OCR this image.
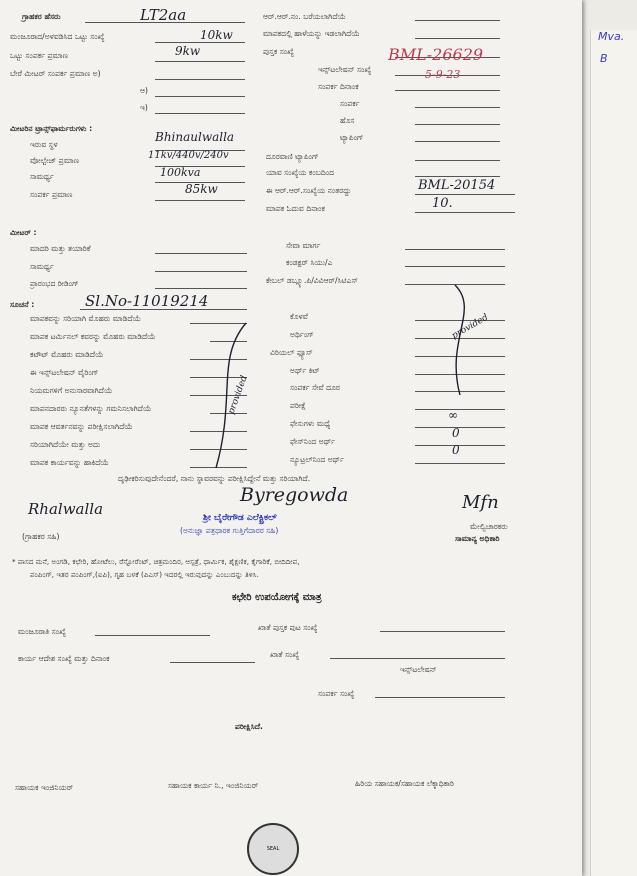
Mva.
B
ಗ್ರಾಹಕರ ಹೆಸರು	LT2aa
ಮಂಜೂರಾದ/ಅಳವಡಿಸಿದ ಒಟ್ಟು ಸಂಖ್ಯೆ	10kw
ಒಟ್ಟು ಸಂಪರ್ಕ ಪ್ರಮಾಣ	9kw
ಬೇರೆ ಮೀಟರ್ ಸಂಪರ್ಕ ಪ್ರಮಾಣ ಅ)
ಆ)
ಇ)
ಮೀಟರಿನ ಟ್ರಾನ್ಸ್‌ಫಾರ್ಮರುಗಳು :
ಇರುವ ಸ್ಥಳ
Bhinaulwalla
ವೋಲ್ಟೇಜ್ ಪ್ರಮಾಣ	11kv/440v/240v
ಸಾಮರ್ಥ್ಯ	100kva
ಸಂಪರ್ಕ ಪ್ರಮಾಣ	85kw
ಆರ್.ಆರ್.ನಂ. ಬರೆಯಲಾಗಿದೆಯೆ
ಮಾಪಕದಲ್ಲಿ ಹಾಳೆಯನ್ನು ಇಡಲಾಗಿದೆಯೆ
ಪುಸ್ತಕ ಸಂಖ್ಯೆ	BML-26629
ಇನ್ಸ್‌ಟಲೇಷನ್ ಸಂಖ್ಯೆ	5-9-23
ಸಂಪರ್ಕ ದಿನಾಂಕ
ಸಂಪರ್ಕ
ಹೊಸ
ಟ್ಯಾಪಿಂಗ್
ದೂರವಾಣಿ ಟ್ಯಾಪಿಂಗ್
ಯಾವ ಸಂಖ್ಯೆಯ ಕಂಬದಿಂದ
ಈ ಆರ್.ಆರ್.ಸಂಖ್ಯೆಯ ನಂತರದ್ದು	BML-20154
ಮಾಪಕ ಓದುವ ದಿನಾಂಕ	10.
ಮೀಟರ್ :
ಮಾದರಿ ಮತ್ತು ತಯಾರಿಕೆ
ಸಾಮರ್ಥ್ಯ
ಪ್ರಾರಂಭದ ರೀಡಿಂಗ್
ಸೇವಾ ಮಾರ್ಗ
ಕಂಡಕ್ಟರ್ ಸಿಯು/ಎ
ಕೇಬಲ್ ಡಬ್ಲ್ಯೂ.ಪಿ/ವಿವಿಆರ್/ಸಿಟಿಎಸ್
ಸೂಚನೆ :	Sl.No-11019214
ಮಾಪಕವನ್ನು ಸರಿಯಾಗಿ ಮೊಹರು ಮಾಡಿದೆಯೆ
ಮಾಪಕ ಟರ್ಮಿನಲ್ ಕವರನ್ನು ಮೊಹರು ಮಾಡಿದೆಯೆ
ಕಟೌಟ್ ಮೊಹರು ಮಾಡಿದೆಯೆ
ಈ ಇನ್ಸ್‌ಟಲೇಷನ್ ವೈರಿಂಗ್
ನಿಯಮಗಳಿಗೆ ಅನುಸಾರವಾಗಿದೆಯೆ
ಮಾಪನದಾರರು ನ್ಯೂನತೆಗಳನ್ನು ಗಮನಿಸಲಾಗಿದೆಯೆ
ಮಾಪಕ ಆವರ್ತನವನ್ನು ಪರೀಕ್ಷಿಸಲಾಗಿದೆಯೆ
ಸರಿಯಾಗಿದೆಯೇ ಮತ್ತು ಅದು
ಮಾಪಕ ಕಾರ್ಯವನ್ನು ಹಾಕಿದೆಯೆ
provided
ಕೊಳವೆ
ಅರ್ಥಿಂಗ್
ವಿರಿಯಲ್ ಫ್ಯೂಸ್
ಅರ್ಥ್ ಕಿಟ್
ಸಂಪರ್ಕ ಸೇವೆ ದೂರ
ಪರೀಕ್ಷೆ
ಫೇಸುಗಳು ಮಧ್ಯೆ
∞
ಫೇಸ್‌ನಿಂದ ಅರ್ಥ್
0
ನ್ಯೂಟ್ರಲ್‌ನಿಂದ ಅರ್ಥ್
0
provided
ದೃಢೀಕರಿಸುವುದೇನೆಂದರೆ, ನಾನು ಸ್ಥಾವರವನ್ನು ಪರೀಕ್ಷಿಸಿದ್ದೇನೆ ಮತ್ತು ಸರಿಯಾಗಿದೆ.
Rhalwalla
(ಗ್ರಾಹಕರ ಸಹಿ)
Byregowda
ಶ್ರೀ ಬೈರೇಗೌಡ ಎಲೆಕ್ಟ್ರಿಕಲ್
(ಅನುಜ್ಞಾ ಪತ್ರಧಾರಕ ಗುತ್ತಿಗೆದಾರರ ಸಹಿ)
Mfn
ಮೇಲ್ವಿಚಾರಕರು
ಸಾಮಾನ್ಯ ಅಧಿಕಾರಿ
* ಪಾಸದ ಮನೆ, ಅಂಗಡಿ, ಕಛೇರಿ, ಹೋಟೆಲು, ರೆಸ್ಟೋರೆಂಟ್, ಚಿತ್ರಮಂದಿರ, ಆಸ್ಪತ್ರೆ, ಧಾರ್ಮಿಕ, ಶೈಕ್ಷಣಿಕ, ಕೈಗಾರಿಕೆ, ಬೀದಿದೀಪ,
ಪಂಪಿಂಗ್, ಇತರ ಪಂಪಿಂಗ್,(ಐಪಿ), ಗೃಹ ಬಳಕೆ (ಪಿಎಸ್) ಇದರಲ್ಲಿ ಇರುವುದನ್ನು ಎಂಬುದನ್ನು ತಿಳಿಸಿ.
ಕಛೇರಿ ಉಪಯೋಗಕ್ಕೆ ಮಾತ್ರ
ಮಂಜೂರಾತಿ ಸಂಖ್ಯೆ	ಖಾತೆ ಪುಸ್ತಕ ಪುಟ ಸಂಖ್ಯೆ
ಕಾರ್ಯ ಆದೇಶ ಸಂಖ್ಯೆ ಮತ್ತು ದಿನಾಂಕ	ಖಾತೆ ಸಂಖ್ಯೆ
ಇನ್ಸ್‌ಟಲೇಷನ್
ಸಂಪರ್ಕ ಸಂಖ್ಯೆ
ಪರೀಕ್ಷಿಸಿದೆ.
ಸಹಾಯಕ ಇಂಜಿನಿಯರ್	ಸಹಾಯಕ ಕಾರ್ಯ ನಿ., ಇಂಜಿನಿಯರ್	ಹಿರಿಯ ಸಹಾಯಕ/ಸಹಾಯಕ ಲೆಕ್ಕಾಧಿಕಾರಿ
SEAL
